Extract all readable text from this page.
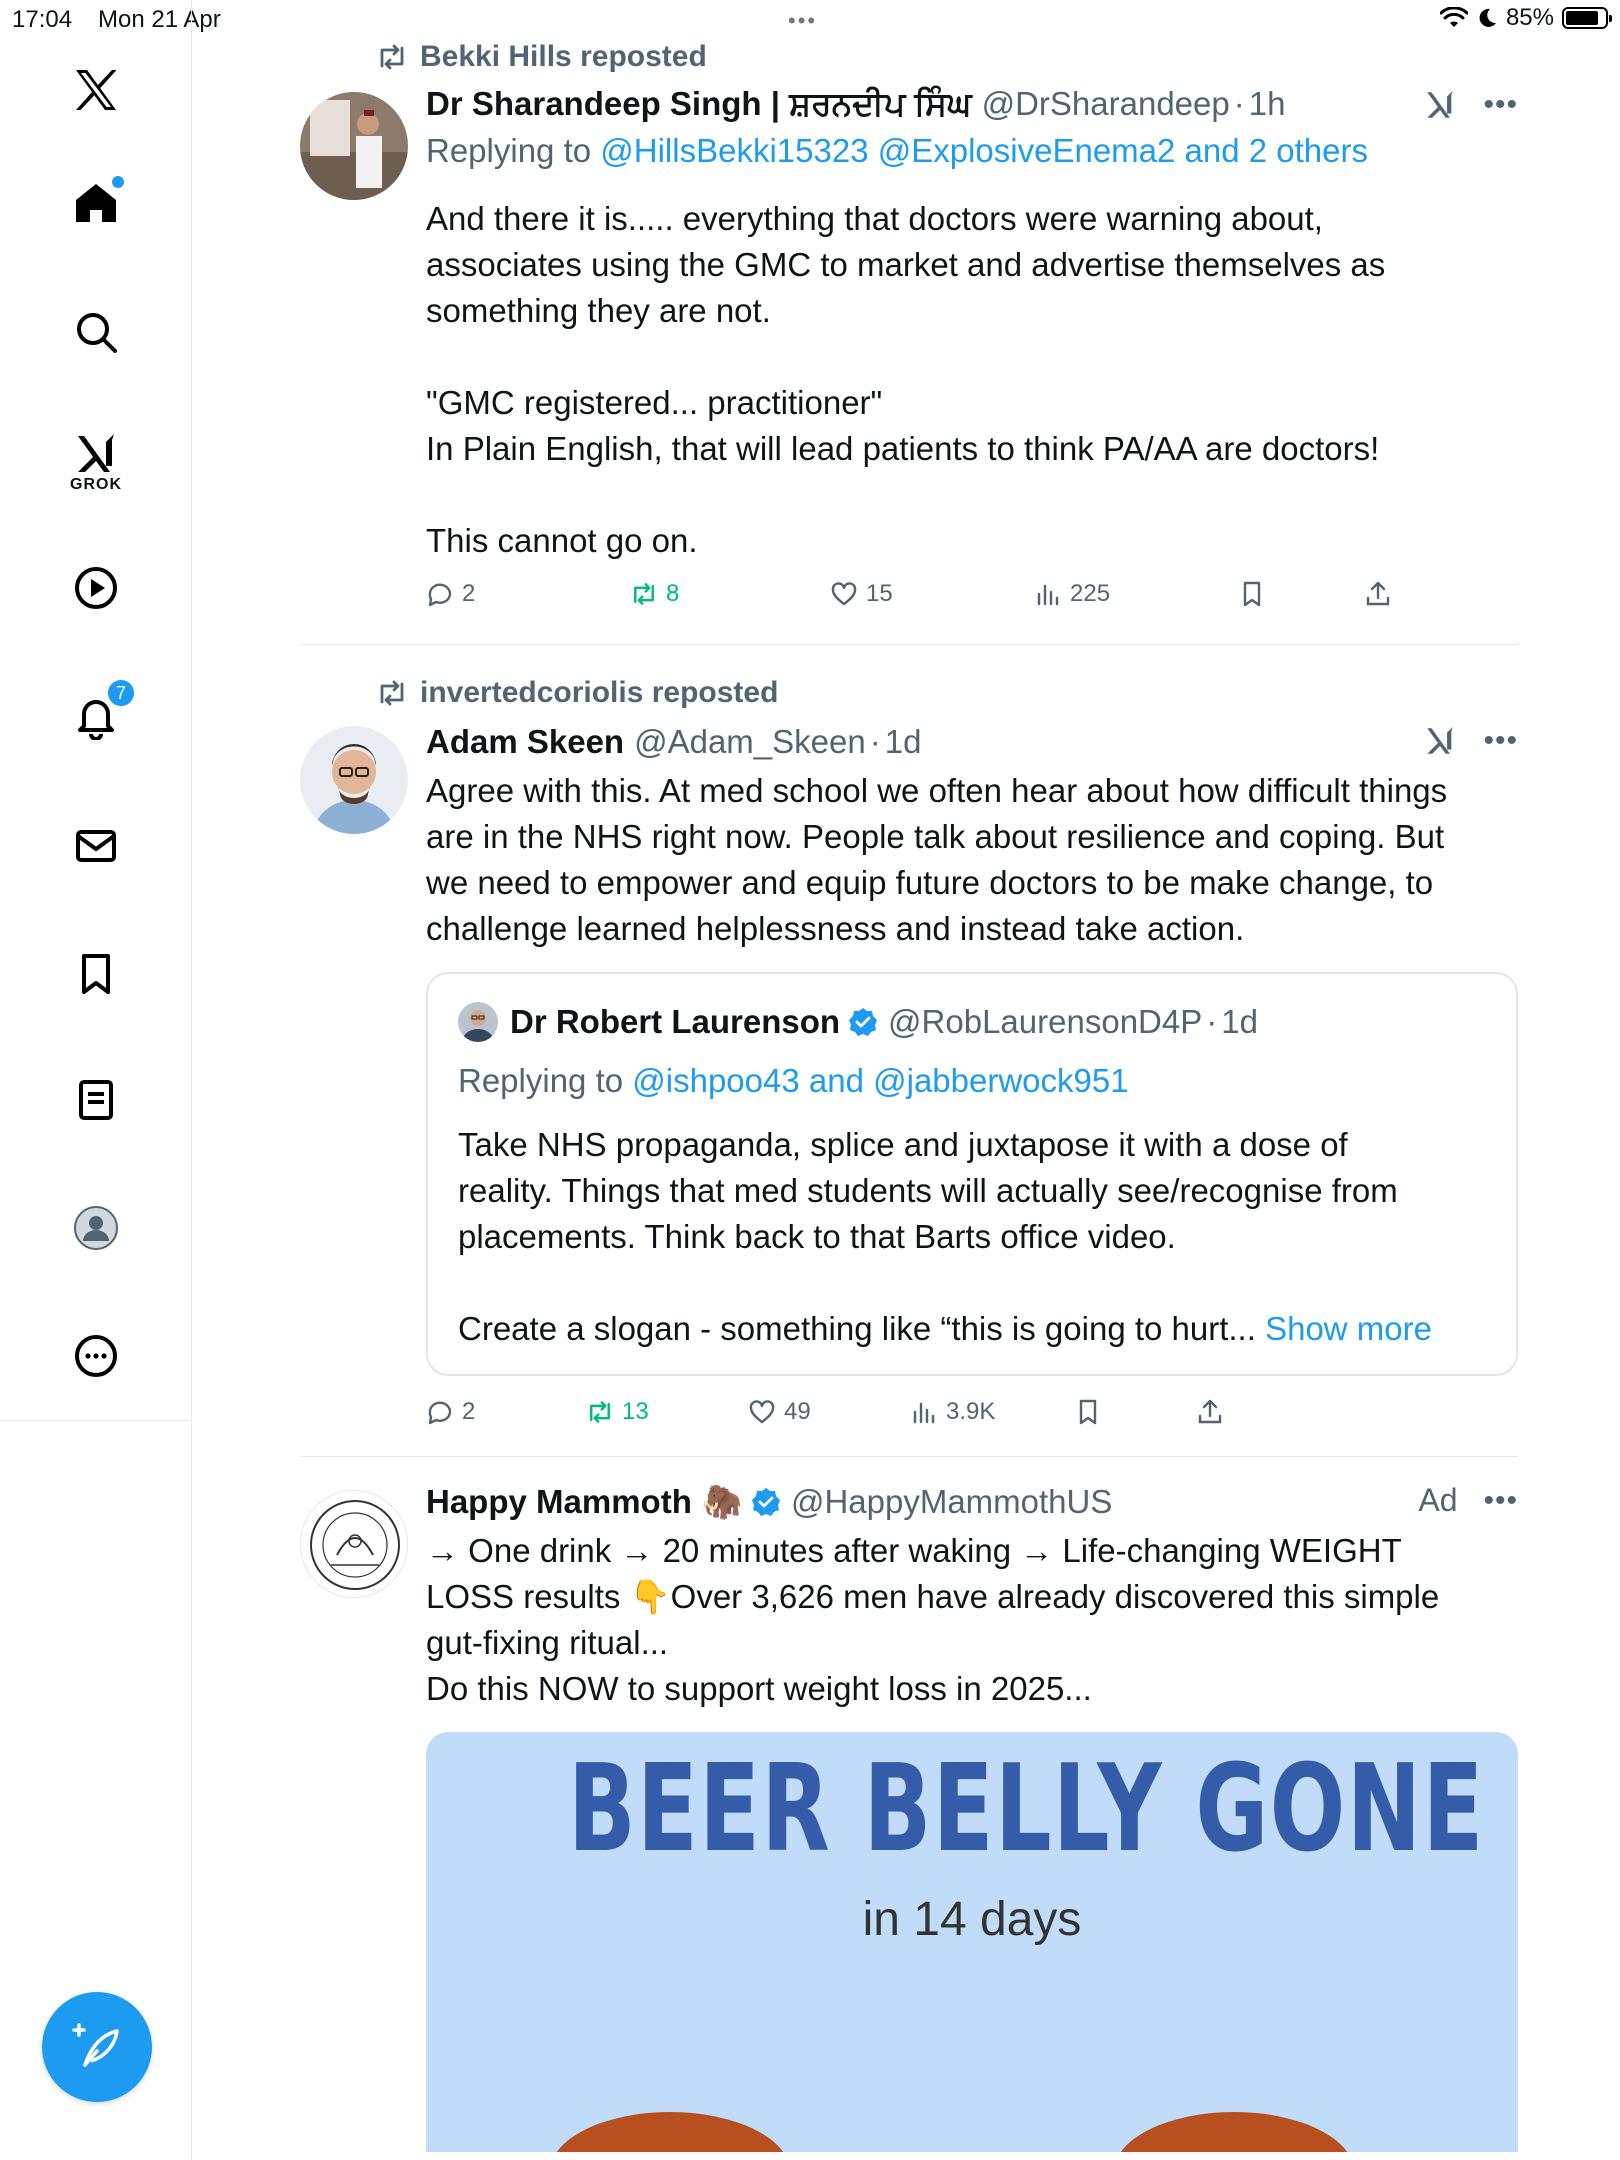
17:04 Mon 21 Apr	•••	85%
GROK
7
Bekki Hills reposted
Dr Sharandeep Singh | ਸ਼ਰਨਦੀਪ ਸਿੰਘ @DrSharandeep · 1h
Replying to @HillsBekki15323 @ExplosiveEnema2 and 2 others
And there it is..... everything that doctors were warning about,
associates using the GMC to market and advertise themselves as
something they are not.

"GMC registered... practitioner"
In Plain English, that will lead patients to think PA/AA are doctors!

This cannot go on.
•••
2	8	15	225
invertedcoriolis reposted
Adam Skeen @Adam_Skeen · 1d
Agree with this. At med school we often hear about how difficult things
are in the NHS right now. People talk about resilience and coping. But
we need to empower and equip future doctors to be make change, to
challenge learned helplessness and instead take action.
•••
Dr Robert Laurenson @RobLaurensonD4P · 1d
Replying to @ishpoo43 and @jabberwock951
Take NHS propaganda, splice and juxtapose it with a dose of
reality. Things that med students will actually see/recognise from
placements. Think back to that Barts office video.

Create a slogan - something like “this is going to hurt... Show more
2	13	49	3.9K
Happy Mammoth 🦣 @HappyMammothUS
→ One drink → 20 minutes after waking → Life-changing WEIGHT
LOSS results 👇Over 3,626 men have already discovered this simple
gut-fixing ritual...
Do this NOW to support weight loss in 2025...
Ad •••
BEER BELLY GONE
in 14 days
